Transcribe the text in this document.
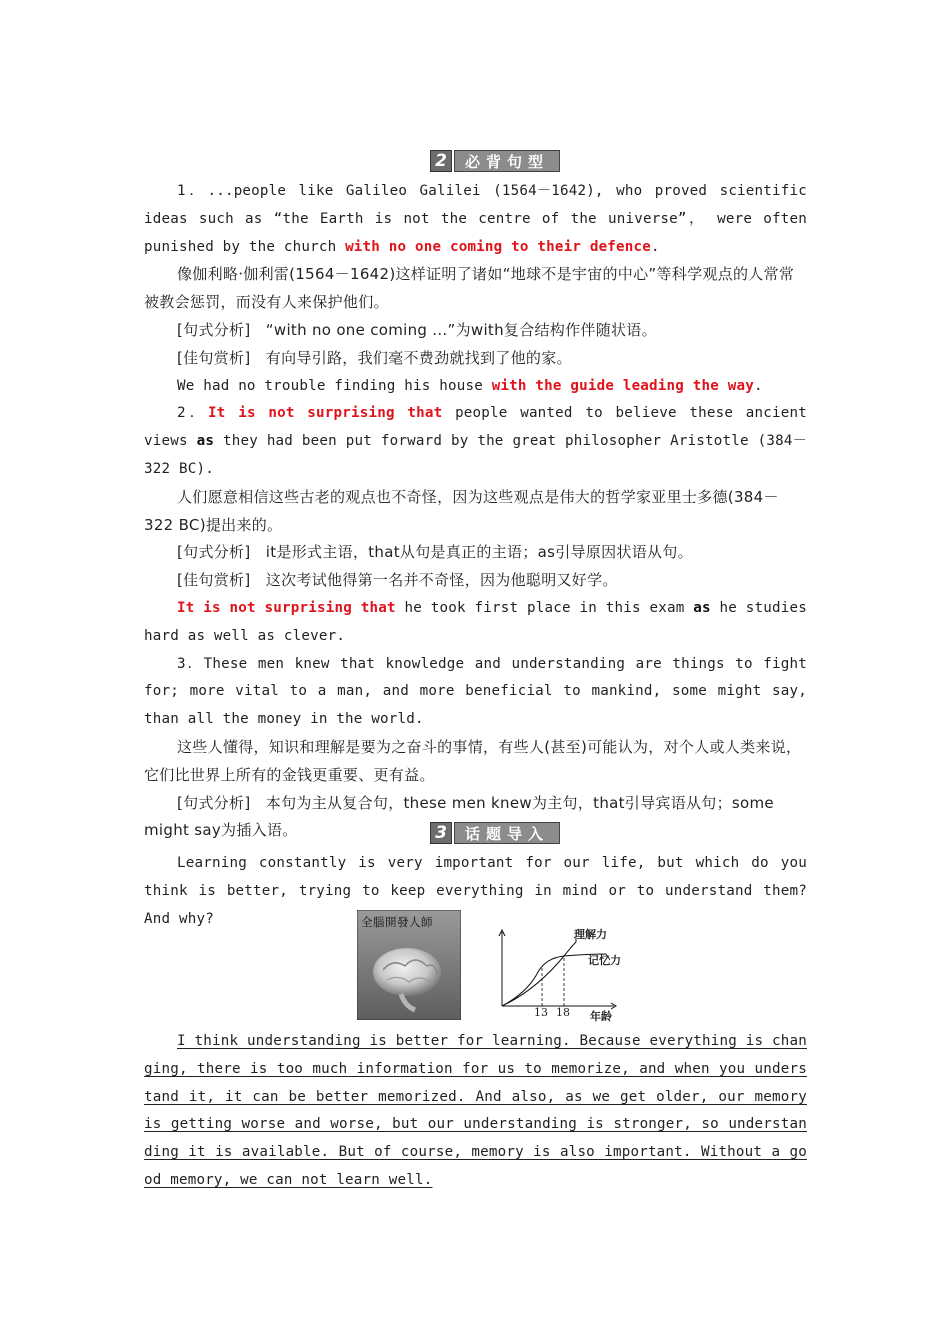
2	必背句型
1．...people like Galileo Galilei (1564－1642), who proved scientific ideas such as “the Earth is not the centre of the universe”， were often punished by the church with no one coming to their defence.
像伽利略·伽利雷(1564－1642)这样证明了诸如“地球不是宇宙的中心”等科学观点的人常常被教会惩罚，而没有人来保护他们。
[句式分析]　“with no one coming ...”为with复合结构作伴随状语。
[佳句赏析]　有向导引路，我们毫不费劲就找到了他的家。
We had no trouble finding his house with the guide leading the way.
2．It is not surprising that people wanted to believe these ancient views as they had been put forward by the great philosopher Aristotle (384－322 BC).
人们愿意相信这些古老的观点也不奇怪，因为这些观点是伟大的哲学家亚里士多德(384－322 BC)提出来的。
[句式分析]　it是形式主语，that从句是真正的主语；as引导原因状语从句。
[佳句赏析]　这次考试他得第一名并不奇怪，因为他聪明又好学。
It is not surprising that he took first place in this exam as he studies hard as well as clever.
3．These men knew that knowledge and understanding are things to fight for; more vital to a man, and more beneficial to mankind, some might say, than all the money in the world.
这些人懂得，知识和理解是要为之奋斗的事情，有些人(甚至)可能认为，对个人或人类来说，它们比世界上所有的金钱更重要、更有益。
[句式分析]　本句为主从复合句，these men knew为主句，that引导宾语从句；some might say为插入语。	3	话题导入
Learning constantly is very important for our life, but which do you think is better, trying to keep everything in mind or to understand them? And why?	全腦開發人師
理解力
记忆力
13 18 年龄
I think understanding is better for learning. Because everything is changing, there is too much information for us to memorize, and when you understand it, it can be better memorized. And also, as we get older, our memory is getting worse and worse, but our understanding is stronger, so understanding it is available. But of course, memory is also important. Without a good memory, we can not learn well.
